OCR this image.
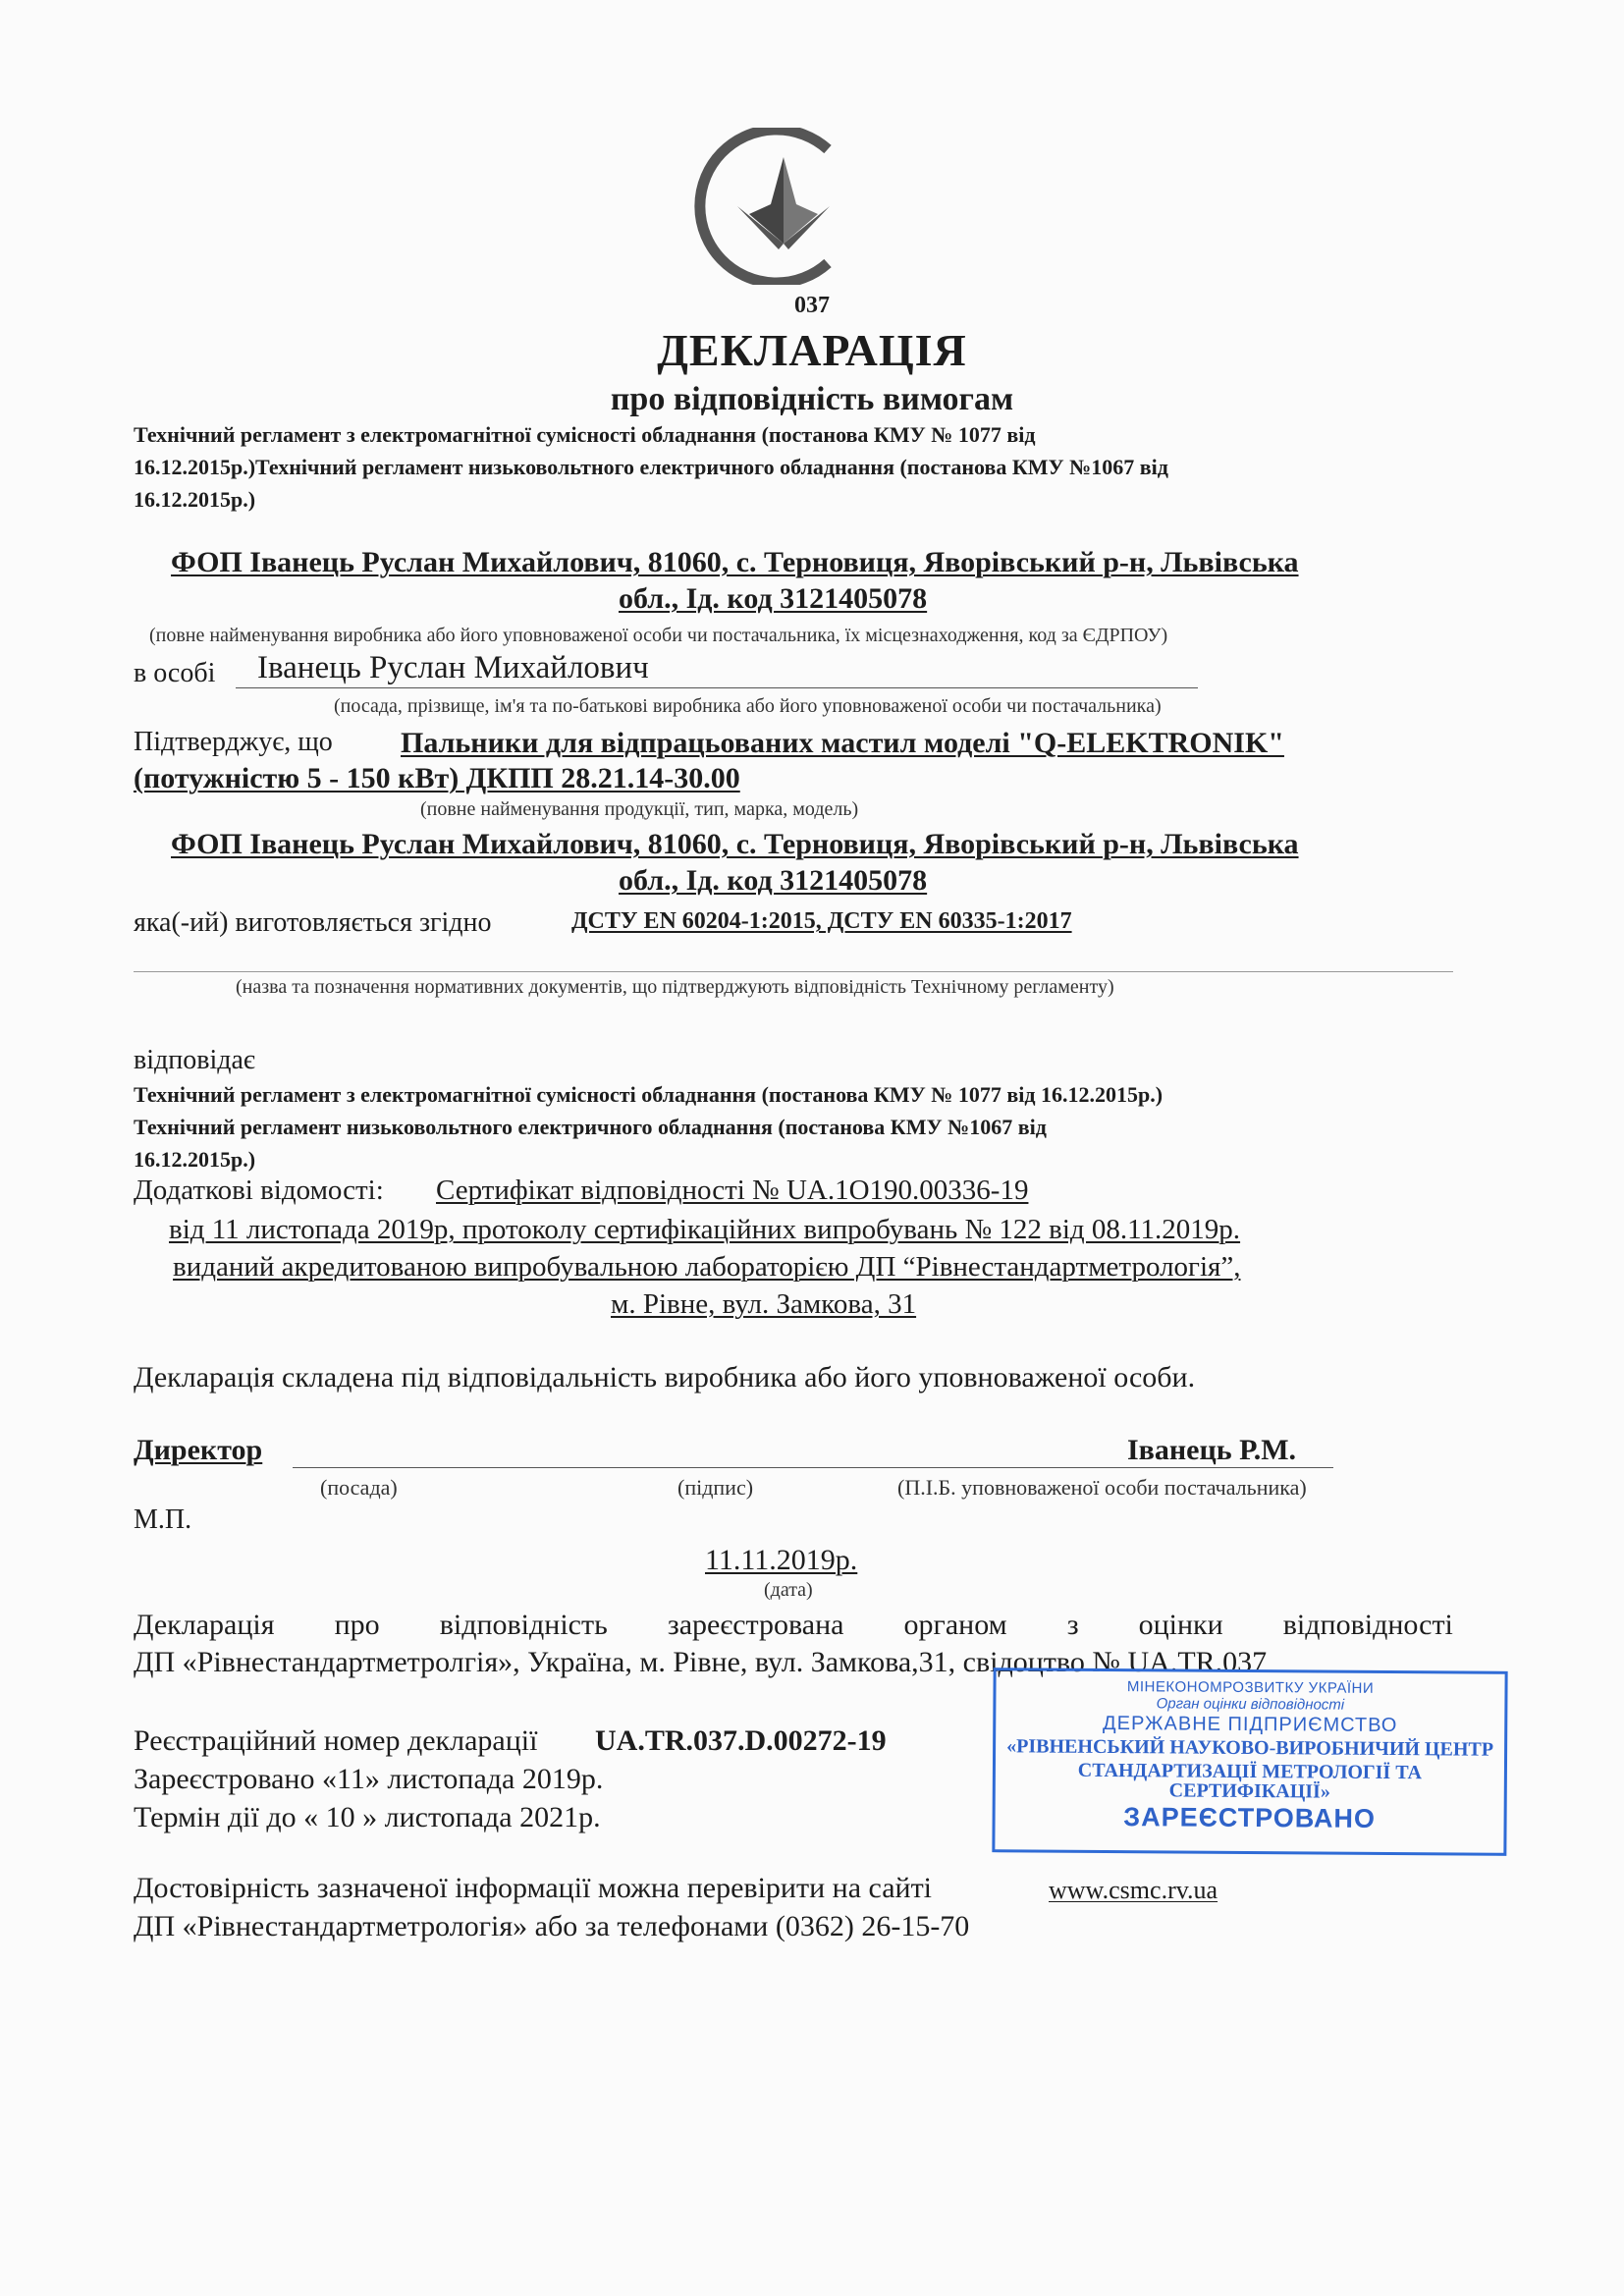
037
ДЕКЛАРАЦІЯ
про відповідність вимогам
Технічний регламент з електромагнітної сумісності обладнання (постанова КМУ № 1077 від
16.12.2015р.)Технічний регламент низьковольтного електричного обладнання (постанова КМУ №1067 від
16.12.2015р.)
ФОП Іванець Руслан Михайлович, 81060, с. Терновиця, Яворівський р-н, Львівська
обл., Ід. код 3121405078
(повне найменування виробника або його уповноваженої особи чи постачальника, їх місцезнаходження, код за ЄДРПОУ)
в особі Іванець Руслан Михайлович
(посада, прізвище, ім'я та по-батькові виробника або його уповноваженої особи чи постачальника)
Підтверджує, що Пальники для відпрацьованих мастил моделі "Q-ELEKTRONIK"
(потужністю 5 - 150 кВт) ДКПП 28.21.14-30.00
(повне найменування продукції, тип, марка, модель)
ФОП Іванець Руслан Михайлович, 81060, с. Терновиця, Яворівський р-н, Львівська
обл., Ід. код 3121405078
яка(-ий) виготовляється згідно	ДСТУ EN 60204-1:2015, ДСТУ EN 60335-1:2017
(назва та позначення нормативних документів, що підтверджують відповідність Технічному регламенту)
відповідає
Технічний регламент з електромагнітної сумісності обладнання (постанова КМУ № 1077 від 16.12.2015р.)
Технічний регламент низьковольтного електричного обладнання (постанова КМУ №1067 від
16.12.2015р.)
Додаткові відомості: Сертифікат відповідності № UA.1O190.00336-19
від 11 листопада 2019р, протоколу сертифікаційних випробувань № 122 від 08.11.2019р.
виданий акредитованою випробувальною лабораторією ДП “Рівнестандартметрологія”,
м. Рівне, вул. Замкова, 31
Декларація складена під відповідальність виробника або його уповноваженої особи.
Директор	Іванець Р.М.
(посада)	(підпис)	(П.І.Б. уповноваженої особи постачальника)
М.П.
11.11.2019р.
(дата)
Декларація про відповідність зареєстрована органом з оцінки відповідності
ДП «Рівнестандартметролгія», Україна, м. Рівне, вул. Замкова,31, свідоцтво № UA.TR.037
Реєстраційний номер декларації UA.TR.037.D.00272-19
Зареєстровано «11» листопада 2019р.
Термін дії до « 10 » листопада 2021р.
Достовірність зазначеної інформації можна перевірити на сайті	www.csmc.rv.ua
ДП «Рівнестандартметрологія» або за телефонами (0362) 26-15-70
МІНЕКОНОМРОЗВИТКУ УКРАЇНИ
Орган оцінки відповідності
ДЕРЖАВНЕ ПІДПРИЄМСТВО
«РІВНЕНСЬКИЙ НАУКОВО-ВИРОБНИЧИЙ ЦЕНТР
СТАНДАРТИЗАЦІЇ МЕТРОЛОГІЇ ТА СЕРТИФІКАЦІЇ»
ЗАРЕЄСТРОВАНО
